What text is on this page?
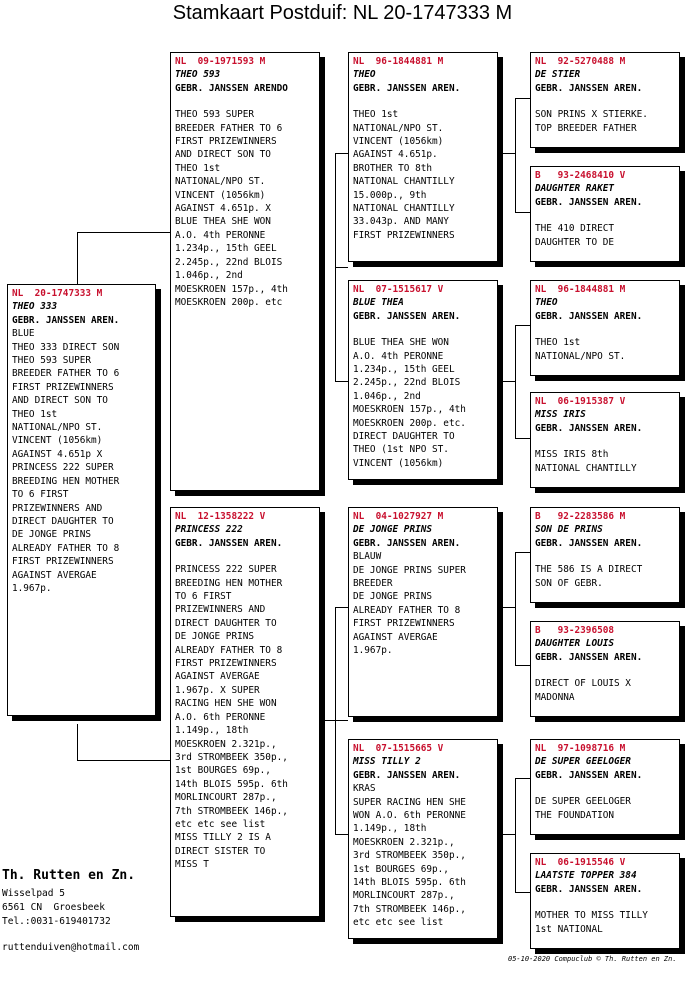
Stamkaart Postduif: NL 20-1747333 M
NL  20-1747333 M
THEO 333
GEBR. JANSSEN AREN.
BLUE
THEO 333 DIRECT SON
THEO 593 SUPER
BREEDER FATHER TO 6
FIRST PRIZEWINNERS
AND DIRECT SON TO
THEO 1st
NATIONAL/NPO ST.
VINCENT (1056km)
AGAINST 4.651p X
PRINCESS 222 SUPER
BREEDING HEN MOTHER
TO 6 FIRST
PRIZEWINNERS AND
DIRECT DAUGHTER TO
DE JONGE PRINS
ALREADY FATHER TO 8
FIRST PRIZEWINNERS
AGAINST AVERGAE
1.967p.
NL  09-1971593 M
THEO 593
GEBR. JANSSEN ARENDO
THEO 593 SUPER
BREEDER FATHER TO 6
FIRST PRIZEWINNERS
AND DIRECT SON TO
THEO 1st
NATIONAL/NPO ST.
VINCENT (1056km)
AGAINST 4.651p. X
BLUE THEA SHE WON
A.O. 4th PERONNE
1.234p., 15th GEEL
2.245p., 22nd BLOIS
1.046p., 2nd
MOESKROEN 157p., 4th
MOESKROEN 200p. etc
NL  12-1358222 V
PRINCESS 222
GEBR. JANSSEN AREN.
PRINCESS 222 SUPER
BREEDING HEN MOTHER
TO 6 FIRST
PRIZEWINNERS AND
DIRECT DAUGHTER TO
DE JONGE PRINS
ALREADY FATHER TO 8
FIRST PRIZEWINNERS
AGAINST AVERGAE
1.967p. X SUPER
RACING HEN SHE WON
A.O. 6th PERONNE
1.149p., 18th
MOESKROEN 2.321p.,
3rd STROMBEEK 350p.,
1st BOURGES 69p.,
14th BLOIS 595p. 6th
MORLINCOURT 287p.,
7th STROMBEEK 146p.,
etc etc see list
MISS TILLY 2 IS A
DIRECT SISTER TO
MISS T
NL  96-1844881 M
THEO
GEBR. JANSSEN AREN.
THEO 1st
NATIONAL/NPO ST.
VINCENT (1056km)
AGAINST 4.651p.
BROTHER TO 8th
NATIONAL CHANTILLY
15.000p., 9th
NATIONAL CHANTILLY
33.043p. AND MANY
FIRST PRIZEWINNERS
NL  07-1515617 V
BLUE THEA
GEBR. JANSSEN AREN.
BLUE THEA SHE WON
A.O. 4th PERONNE
1.234p., 15th GEEL
2.245p., 22nd BLOIS
1.046p., 2nd
MOESKROEN 157p., 4th
MOESKROEN 200p. etc.
DIRECT DAUGHTER TO
THEO (1st NPO ST.
VINCENT (1056km)
NL  04-1027927 M
DE JONGE PRINS
GEBR. JANSSEN AREN.
BLAUW
DE JONGE PRINS SUPER
BREEDER
DE JONGE PRINS
ALREADY FATHER TO 8
FIRST PRIZEWINNERS
AGAINST AVERGAE
1.967p.
NL  07-1515665 V
MISS TILLY 2
GEBR. JANSSEN AREN.
KRAS
SUPER RACING HEN SHE
WON A.O. 6th PERONNE
1.149p., 18th
MOESKROEN 2.321p.,
3rd STROMBEEK 350p.,
1st BOURGES 69p.,
14th BLOIS 595p. 6th
MORLINCOURT 287p.,
7th STROMBEEK 146p.,
etc etc see list
NL  92-5270488 M
DE STIER
GEBR. JANSSEN AREN.
SON PRINS X STIERKE.
TOP BREEDER FATHER
B   93-2468410 V
DAUGHTER RAKET
GEBR. JANSSEN AREN.
THE 410 DIRECT
DAUGHTER TO DE
NL  96-1844881 M
THEO
GEBR. JANSSEN AREN.
THEO 1st
NATIONAL/NPO ST.
NL  06-1915387 V
MISS IRIS
GEBR. JANSSEN AREN.
MISS IRIS 8th
NATIONAL CHANTILLY
B   92-2283586 M
SON DE PRINS
GEBR. JANSSEN AREN.
THE 586 IS A DIRECT
SON OF GEBR.
B   93-2396508
DAUGHTER LOUIS
GEBR. JANSSEN AREN.
DIRECT OF LOUIS X
MADONNA
NL  97-1098716 M
DE SUPER GEELOGER
GEBR. JANSSEN AREN.
DE SUPER GEELOGER
THE FOUNDATION
NL  06-1915546 V
LAATSTE TOPPER 384
GEBR. JANSSEN AREN.
MOTHER TO MISS TILLY
1st NATIONAL
Th. Rutten en Zn.
Wisselpad 5
6561 CN  Groesbeek
Tel.:0031-619401732
ruttenduiven@hotmail.com
05-10-2020 Compuclub © Th. Rutten en Zn.
